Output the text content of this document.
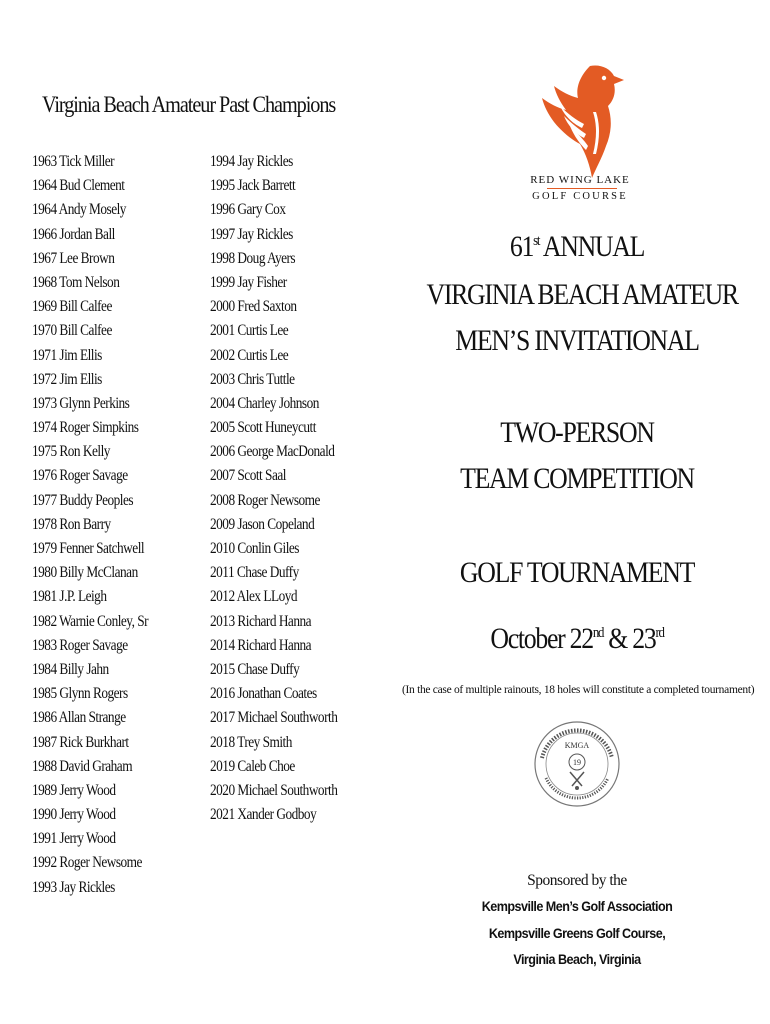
Virginia Beach Amateur Past Champions
1963 Tick Miller
1964 Bud Clement
1964 Andy Mosely
1966 Jordan Ball
1967 Lee Brown
1968 Tom Nelson
1969 Bill Calfee
1970 Bill Calfee
1971 Jim Ellis
1972 Jim Ellis
1973 Glynn Perkins
1974 Roger Simpkins
1975 Ron Kelly
1976 Roger Savage
1977 Buddy Peoples
1978 Ron Barry
1979 Fenner Satchwell
1980 Billy McClanan
1981 J.P. Leigh
1982 Warnie Conley, Sr
1983 Roger Savage
1984 Billy Jahn
1985 Glynn Rogers
1986 Allan Strange
1987 Rick Burkhart
1988 David Graham
1989 Jerry Wood
1990 Jerry Wood
1991 Jerry Wood
1992 Roger Newsome
1993 Jay Rickles
1994 Jay Rickles
1995 Jack Barrett
1996 Gary Cox
1997 Jay Rickles
1998 Doug Ayers
1999 Jay Fisher
2000 Fred Saxton
2001 Curtis Lee
2002 Curtis Lee
2003 Chris Tuttle
2004 Charley Johnson
2005 Scott Huneycutt
2006 George MacDonald
2007 Scott Saal
2008 Roger Newsome
2009 Jason Copeland
2010 Conlin Giles
2011 Chase Duffy
2012 Alex LLoyd
2013 Richard Hanna
2014 Richard Hanna
2015 Chase Duffy
2016 Jonathan Coates
2017 Michael Southworth
2018 Trey Smith
2019 Caleb Choe
2020 Michael Southworth
2021 Xander Godboy
RED WING LAKE
GOLF COURSE
61st ANNUAL
VIRGINIA BEACH AMATEUR
MEN’S INVITATIONAL
TWO-PERSON
TEAM COMPETITION
GOLF TOURNAMENT
October 22nd & 23rd
(In the case of multiple rainouts, 18 holes will constitute a completed tournament)
KMGA
19
Sponsored by the
Kempsville Men’s Golf Association
Kempsville Greens Golf Course,
Virginia Beach, Virginia
